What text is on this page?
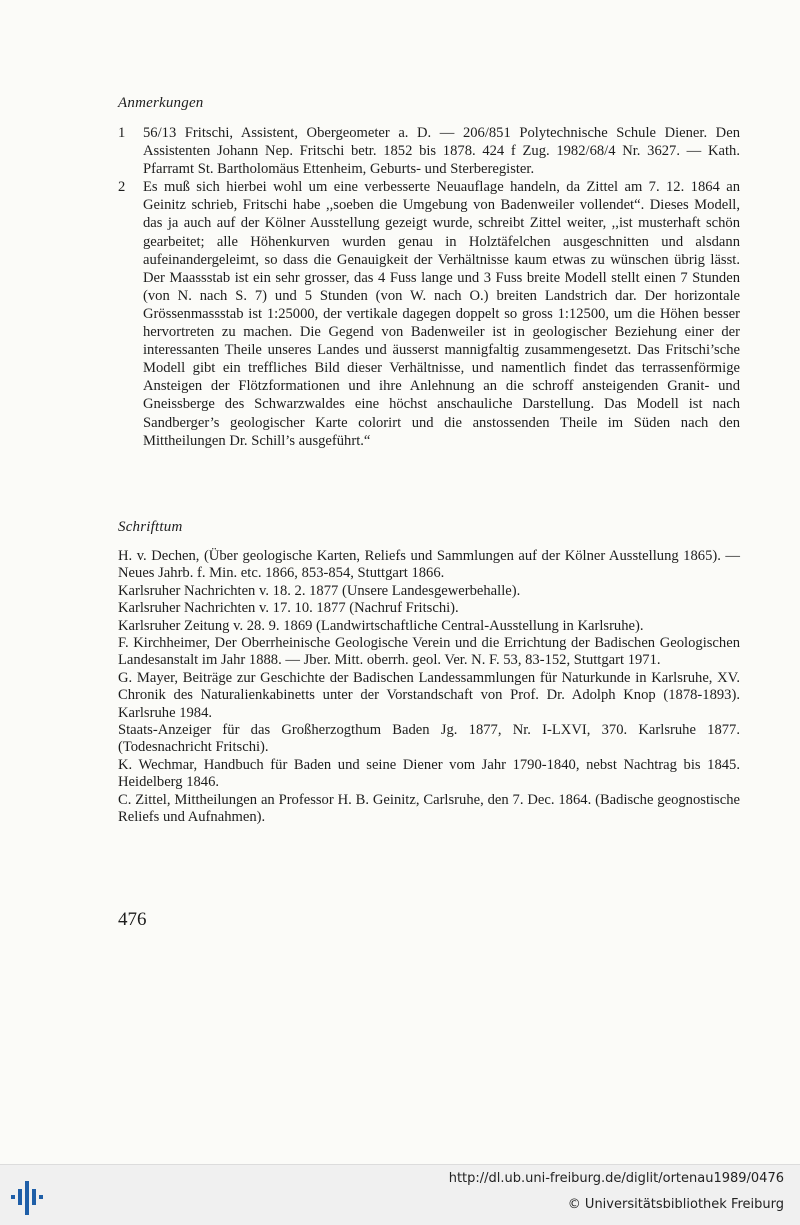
Anmerkungen
1 56/13 Fritschi, Assistent, Obergeometer a. D. — 206/851 Polytechnische Schule Diener. Den Assistenten Johann Nep. Fritschi betr. 1852 bis 1878. 424 f Zug. 1982/68/4 Nr. 3627. — Kath. Pfarramt St. Bartholomäus Ettenheim, Geburts- und Sterberegister.
2 Es muß sich hierbei wohl um eine verbesserte Neuauflage handeln, da Zittel am 7. 12. 1864 an Geinitz schrieb, Fritschi habe ,,soeben die Umgebung von Badenweiler vollendet“. Dieses Modell, das ja auch auf der Kölner Ausstellung gezeigt wurde, schreibt Zittel weiter, ,,ist musterhaft schön gearbeitet; alle Höhenkurven wurden genau in Holztäfelchen ausgeschnitten und alsdann aufeinandergeleimt, so dass die Genauigkeit der Verhältnisse kaum etwas zu wünschen übrig lässt. Der Maassstab ist ein sehr grosser, das 4 Fuss lange und 3 Fuss breite Modell stellt einen 7 Stunden (von N. nach S. 7) und 5 Stunden (von W. nach O.) breiten Landstrich dar. Der horizontale Grössenmassstab ist 1:25000, der vertikale dagegen doppelt so gross 1:12500, um die Höhen besser hervortreten zu machen. Die Gegend von Badenweiler ist in geologischer Beziehung einer der interessanten Theile unseres Landes und äusserst mannigfaltig zusammengesetzt. Das Fritschi’sche Modell gibt ein treffliches Bild dieser Verhältnisse, und namentlich findet das terrassenförmige Ansteigen der Flötzformationen und ihre Anlehnung an die schroff ansteigenden Granit- und Gneissberge des Schwarzwaldes eine höchst anschauliche Darstellung. Das Modell ist nach Sandberger’s geologischer Karte colorirt und die anstossenden Theile im Süden nach den Mittheilungen Dr. Schill’s ausgeführt.“
Schrifttum

H. v. Dechen, (Über geologische Karten, Reliefs und Sammlungen auf der Kölner Ausstellung 1865). — Neues Jahrb. f. Min. etc. 1866, 853-854, Stuttgart 1866.

Karlsruher Nachrichten v. 18. 2. 1877 (Unsere Landesgewerbehalle).

Karlsruher Nachrichten v. 17. 10. 1877 (Nachruf Fritschi).

Karlsruher Zeitung v. 28. 9. 1869 (Landwirtschaftliche Central-Ausstellung in Karlsruhe).

F. Kirchheimer, Der Oberrheinische Geologische Verein und die Errichtung der Badischen Geologischen Landesanstalt im Jahr 1888. — Jber. Mitt. oberrh. geol. Ver. N. F. 53, 83-152, Stuttgart 1971.

G. Mayer, Beiträge zur Geschichte der Badischen Landessammlungen für Naturkunde in Karlsruhe, XV. Chronik des Naturalienkabinetts unter der Vorstandschaft von Prof. Dr. Adolph Knop (1878-1893). Karlsruhe 1984.

Staats-Anzeiger für das Großherzogthum Baden Jg. 1877, Nr. I-LXVI, 370. Karlsruhe 1877. (Todesnachricht Fritschi).

K. Wechmar, Handbuch für Baden und seine Diener vom Jahr 1790-1840, nebst Nachtrag bis 1845. Heidelberg 1846.

C. Zittel, Mittheilungen an Professor H. B. Geinitz, Carlsruhe, den 7. Dec. 1864. (Badische geognostische Reliefs und Aufnahmen).

476
http://dl.ub.uni-freiburg.de/diglit/ortenau1989/0476
© Universitätsbibliothek Freiburg
